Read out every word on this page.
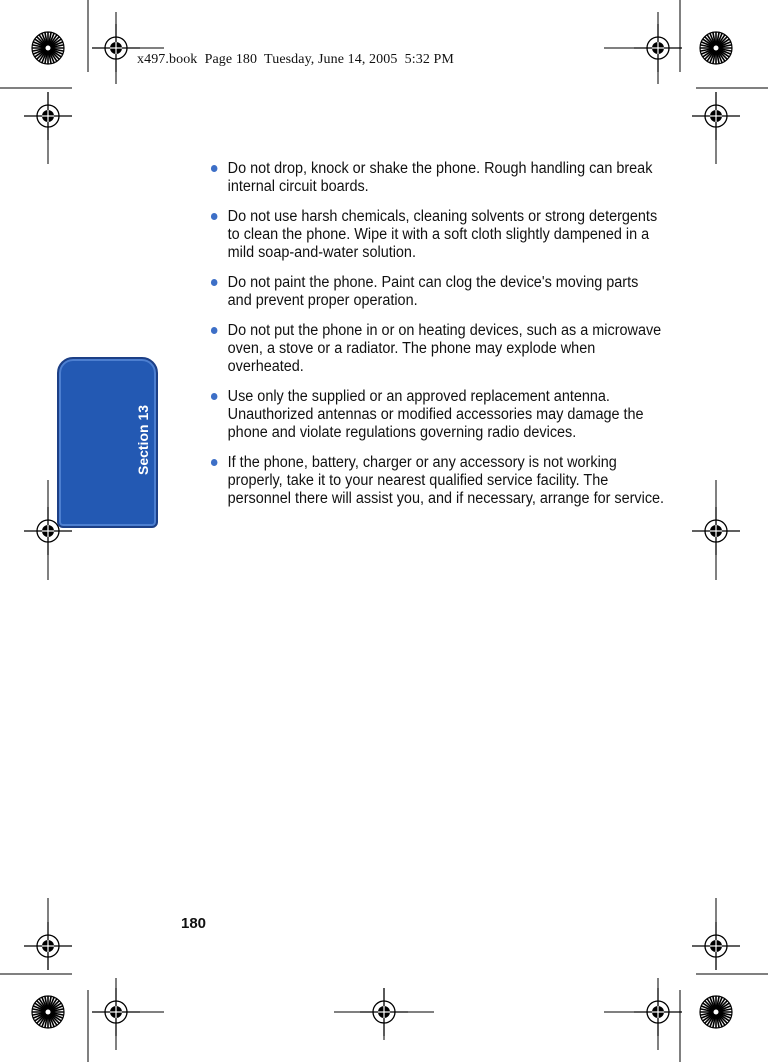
x497.book  Page 180  Tuesday, June 14, 2005  5:32 PM
Section 13
Do not drop, knock or shake the phone. Rough handling can break internal circuit boards.
Do not use harsh chemicals, cleaning solvents or strong detergents to clean the phone. Wipe it with a soft cloth slightly dampened in a mild soap-and-water solution.
Do not paint the phone. Paint can clog the device's moving parts and prevent proper operation.
Do not put the phone in or on heating devices, such as a microwave oven, a stove or a radiator. The phone may explode when overheated.
Use only the supplied or an approved replacement antenna. Unauthorized antennas or modified accessories may damage the phone and violate regulations governing radio devices.
If the phone, battery, charger or any accessory is not working properly, take it to your nearest qualified service facility. The personnel there will assist you, and if necessary, arrange for service.
180
